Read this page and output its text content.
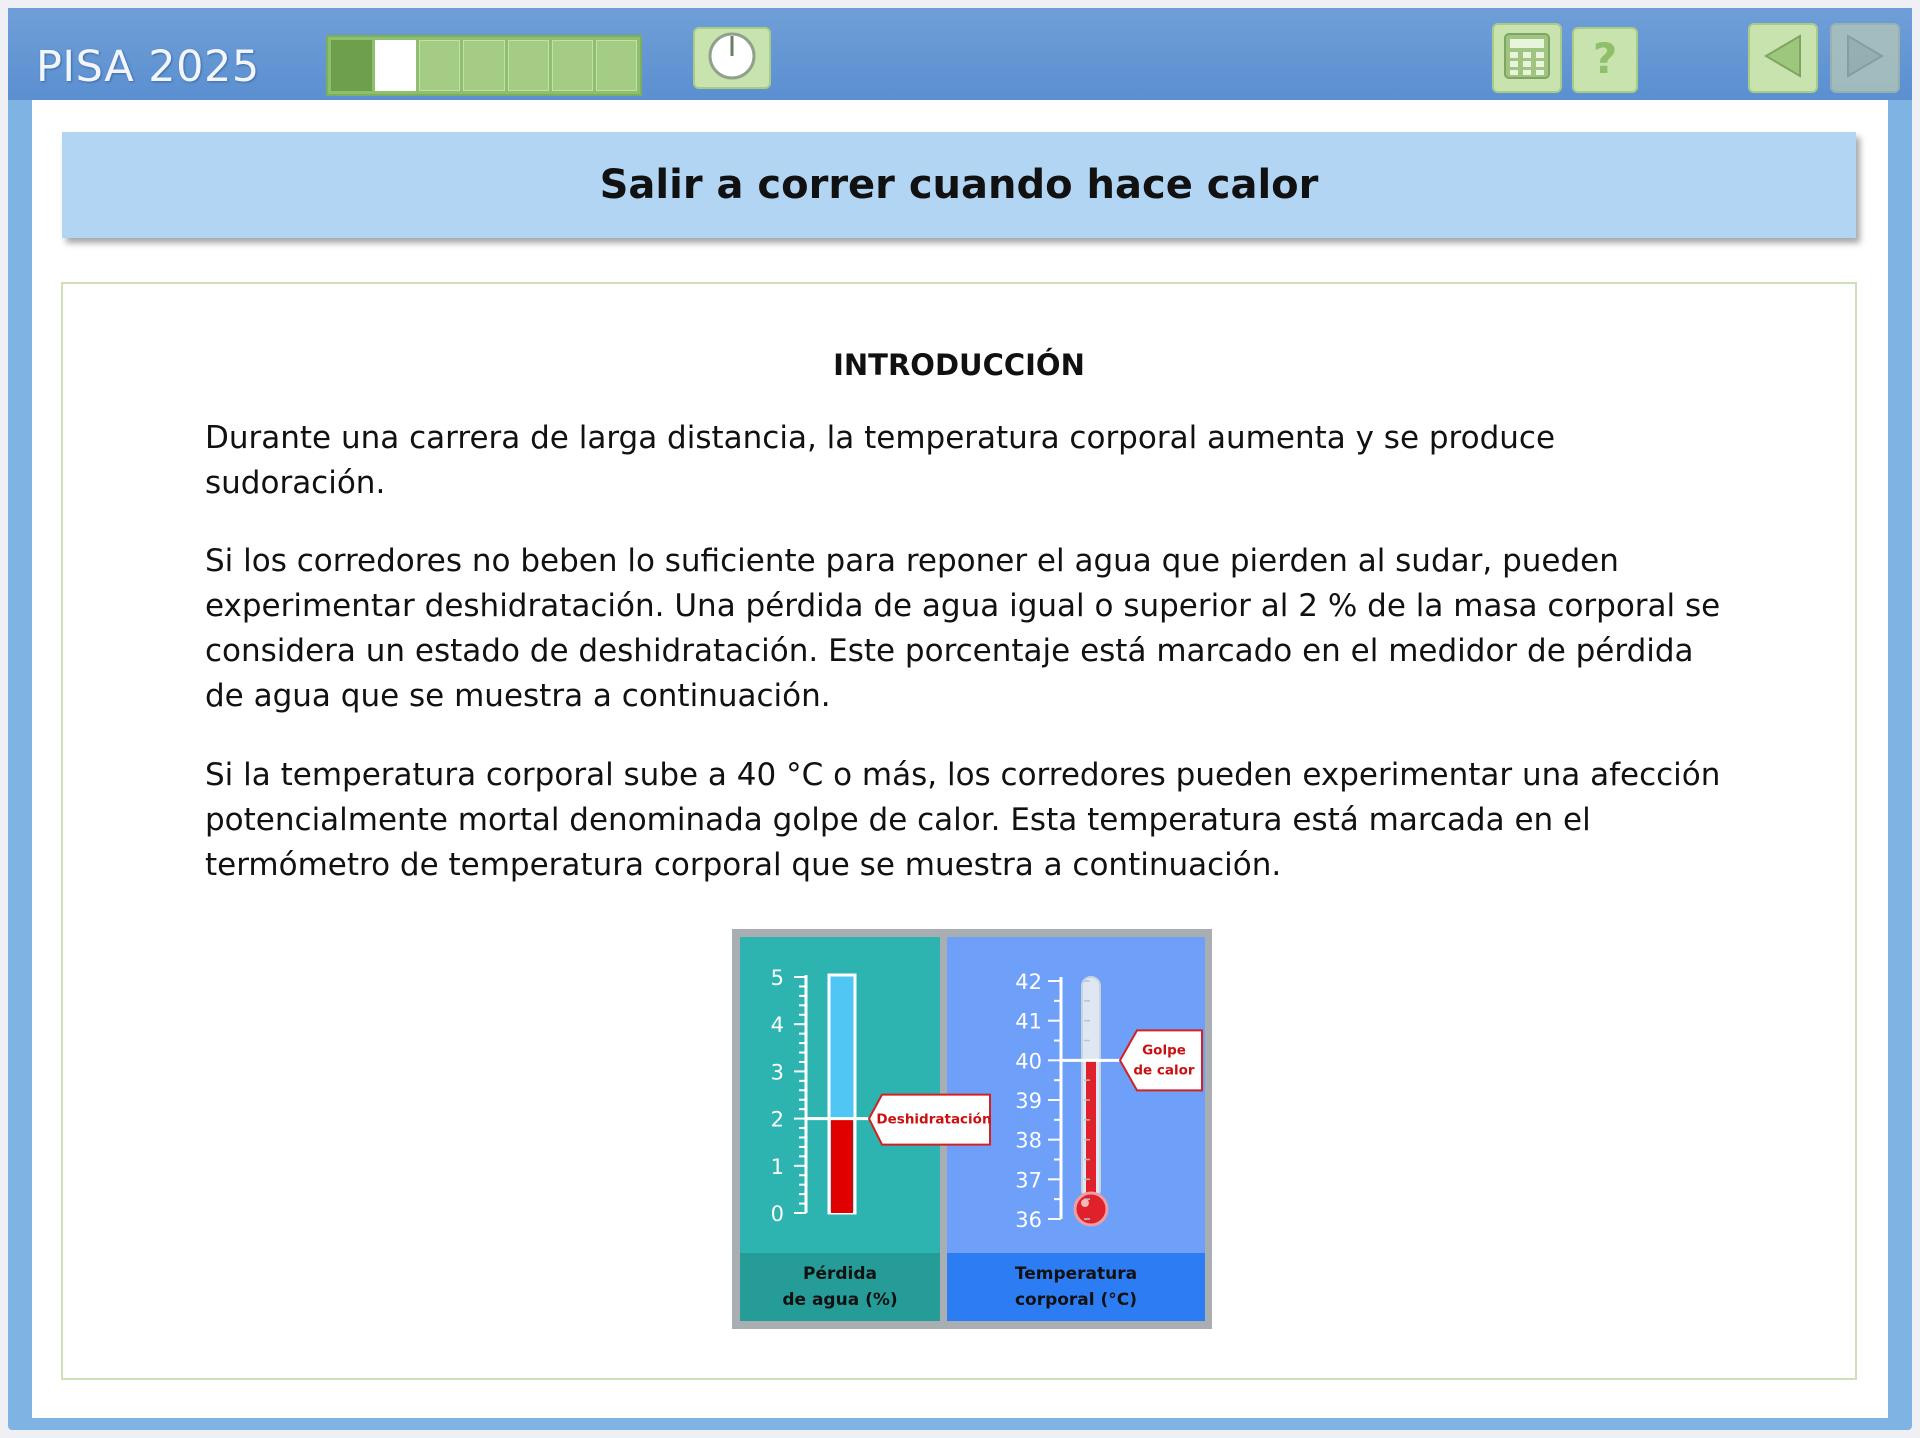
PISA 2025	?
Salir a correr cuando hace calor
INTRODUCCIÓN

Durante una carrera de larga distancia, la temperatura corporal aumenta y se produce sudoración.

Si los corredores no beben lo suficiente para reponer el agua que pierden al sudar, pueden experimentar deshidratación. Una pérdida de agua igual o superior al 2 % de la masa corporal se considera un estado de deshidratación. Este porcentaje está marcado en el medidor de pérdida de agua que se muestra a continuación.

Si la temperatura corporal sube a 40 °C o más, los corredores pueden experimentar una afección potencialmente mortal denominada golpe de calor. Esta temperatura está marcada en el termómetro de temperatura corporal que se muestra a continuación.

Pérdida
de agua (%)
Temperatura
corporal (°C)
0
1
2
3
4
5
Deshidratación
36
37
38
39
40
41
42
Golpe
de calor
